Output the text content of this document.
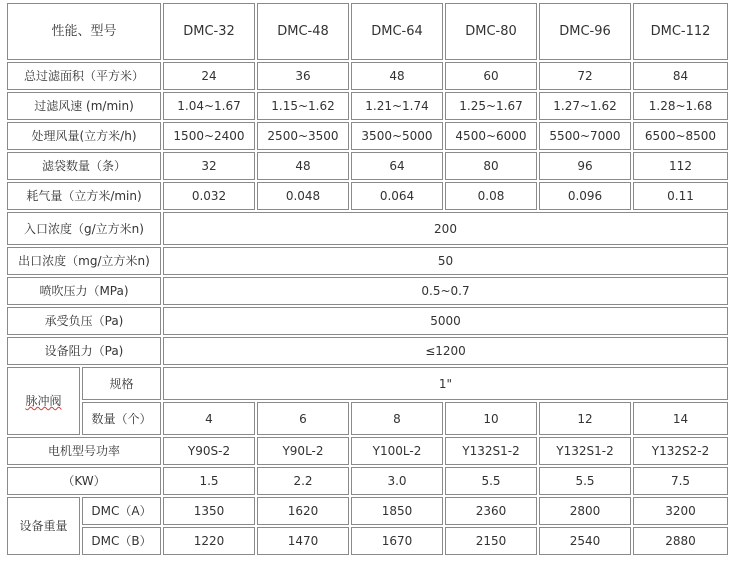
性能、型号		DMC-32	DMC-48	DMC-64	DMC-80	DMC-96	DMC-112
总过滤面积（平方米）		24	36	48	60	72	84
过滤风速 (m/min)		1.04~1.67	1.15~1.62	1.21~1.74	1.25~1.67	1.27~1.62	1.28~1.68
处理风量(立方米/h)		1500~2400	2500~3500	3500~5000	4500~6000	5500~7000	6500~8500
滤袋数量（条）		32	48	64	80	96	112
耗气量（立方米/min)		0.032	0.048	0.064	0.08	0.096	0.11
入口浓度（g/立方米n)		200					
出口浓度（mg/立方米n)		50					
喷吹压力（MPa)		0.5~0.7					
承受负压（Pa)		5000					
设备阻力（Pa)		≤1200					
脉冲阀	规格	1"					
	数量（个）	4	6	8	10	12	14
电机型号功率		Y90S-2	Y90L-2	Y100L-2	Y132S1-2	Y132S1-2	Y132S2-2
（KW）		1.5	2.2	3.0	5.5	5.5	7.5
设备重量	DMC（A）	1350	1620	1850	2360	2800	3200
	DMC（B）	1220	1470	1670	2150	2540	2880
